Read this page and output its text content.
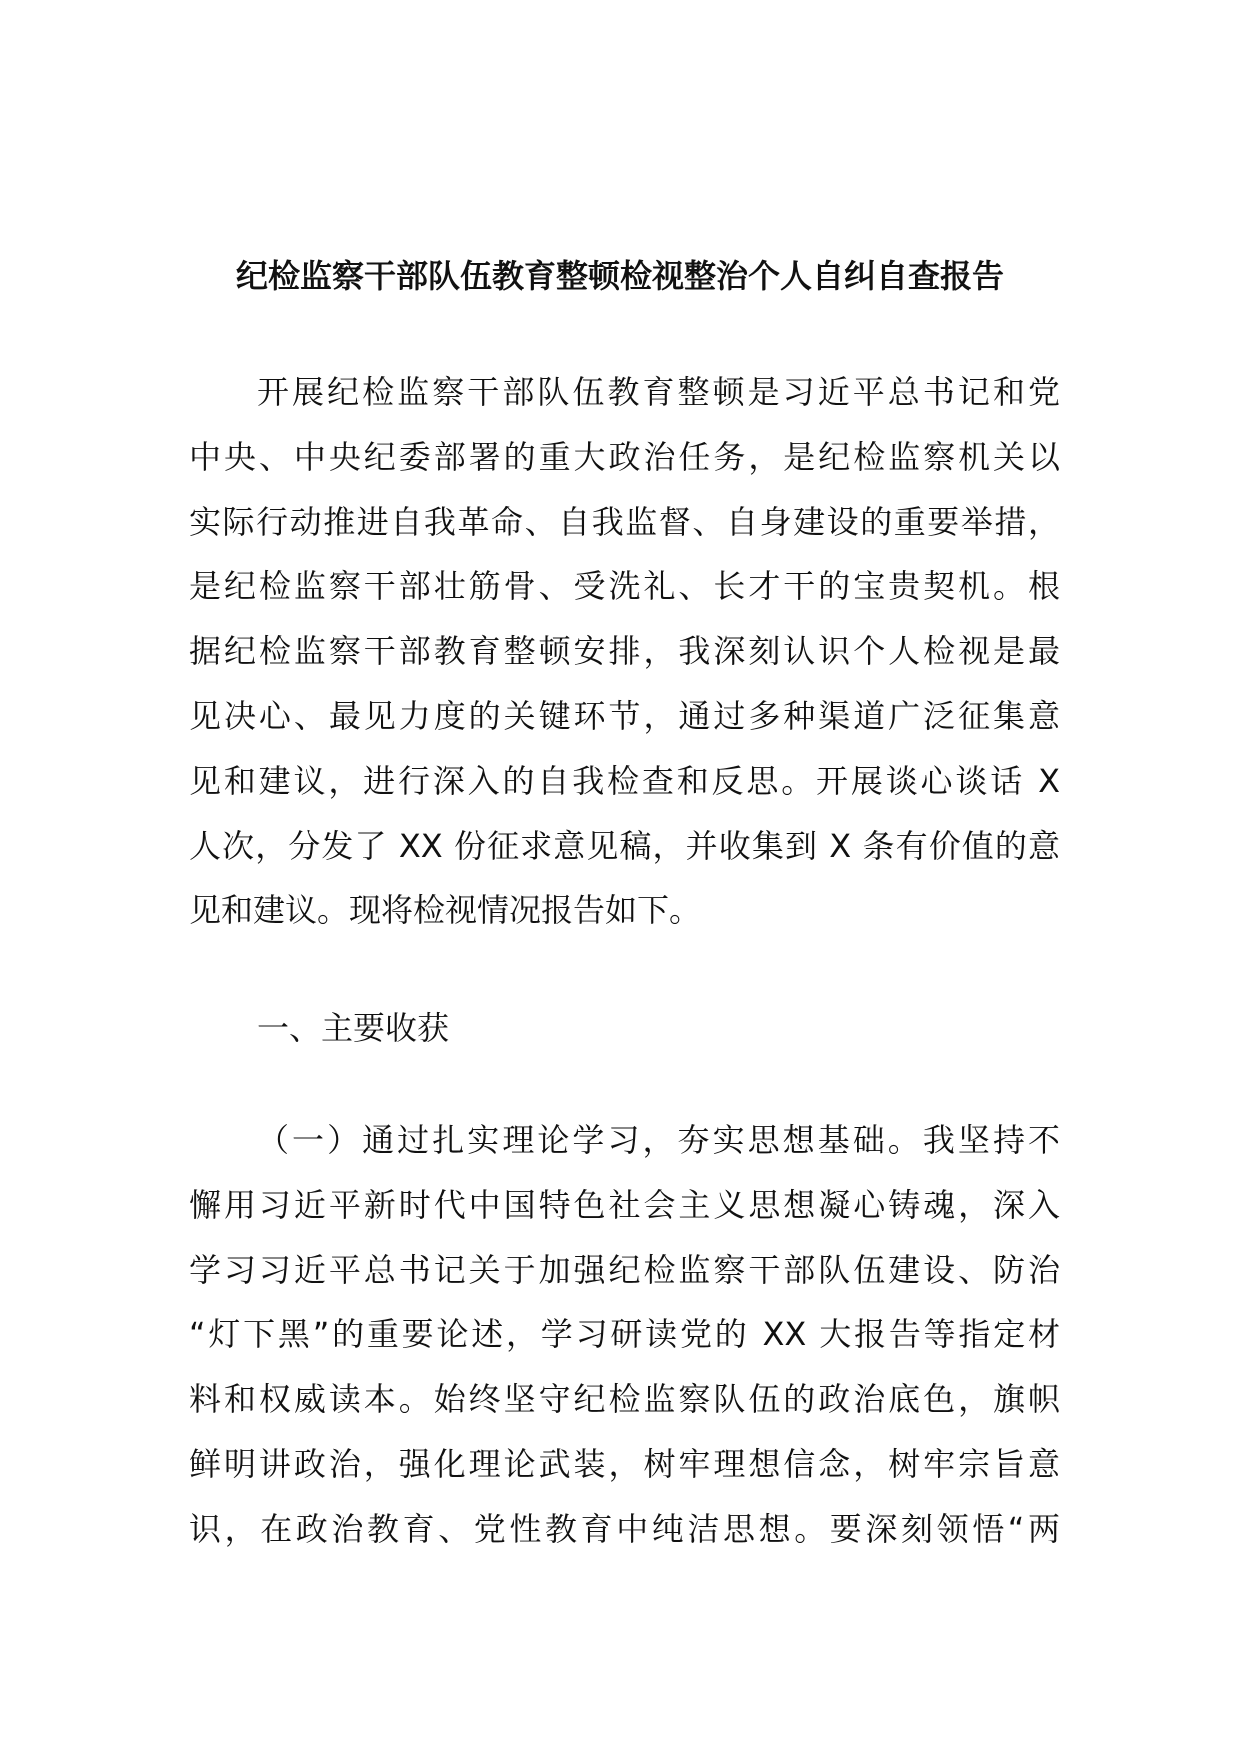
纪检监察干部队伍教育整顿检视整治个人自纠自查报告
开展纪检监察干部队伍教育整顿是习近平总书记和党
中央、中央纪委部署的重大政治任务，是纪检监察机关以
实际行动推进自我革命、自我监督、自身建设的重要举措，
是纪检监察干部壮筋骨、受洗礼、长才干的宝贵契机。根
据纪检监察干部教育整顿安排，我深刻认识个人检视是最
见决心、最见力度的关键环节，通过多种渠道广泛征集意
见和建议，进行深入的自我检查和反思。开展谈心谈话 X
人次，分发了 XX 份征求意见稿，并收集到 X 条有价值的意
见和建议。现将检视情况报告如下。
一、主要收获
（一）通过扎实理论学习，夯实思想基础。我坚持不
懈用习近平新时代中国特色社会主义思想凝心铸魂，深入
学习习近平总书记关于加强纪检监察干部队伍建设、防治
“灯下黑”的重要论述，学习研读党的 XX 大报告等指定材
料和权威读本。始终坚守纪检监察队伍的政治底色，旗帜
鲜明讲政治，强化理论武装，树牢理想信念，树牢宗旨意
识，在政治教育、党性教育中纯洁思想。要深刻领悟“两
